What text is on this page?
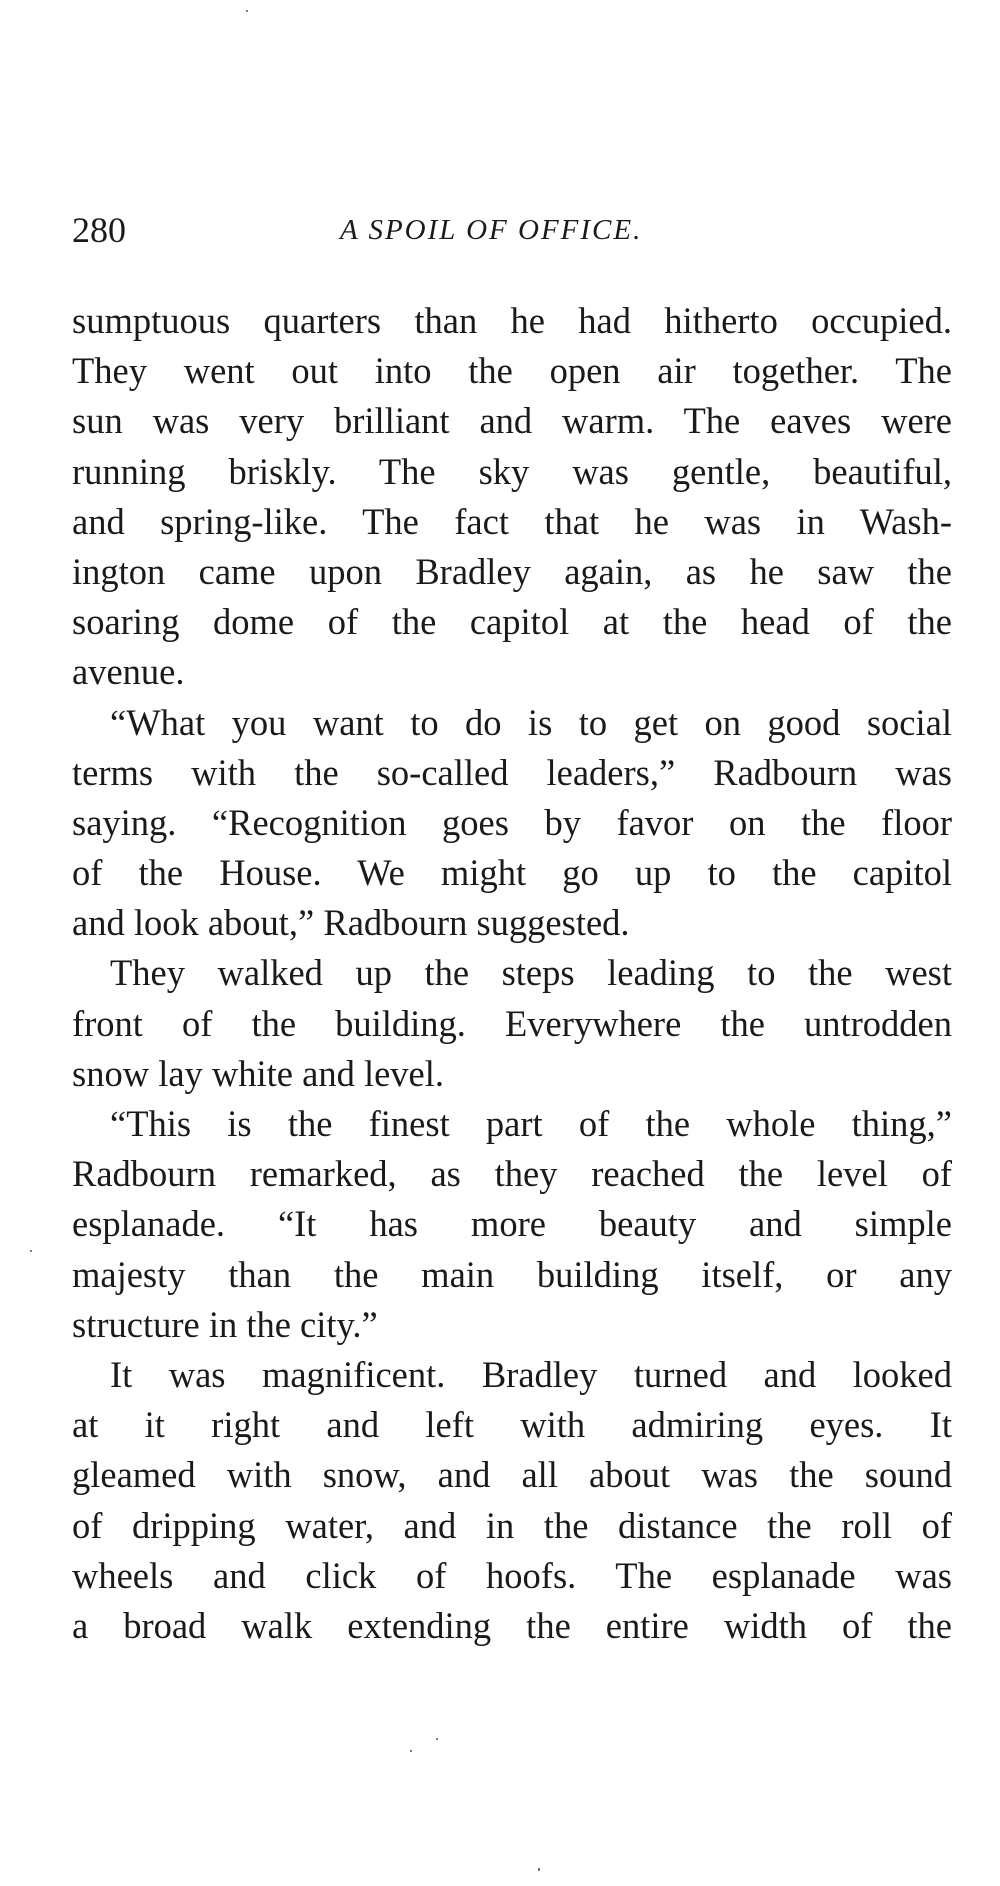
280	A SPOIL OF OFFICE.
sumptuous quarters than he had hitherto occupied.
They went out into the open air together. The
sun was very brilliant and warm. The eaves were
running briskly. The sky was gentle, beautiful,
and spring-like. The fact that he was in Wash-
ington came upon Bradley again, as he saw the
soaring dome of the capitol at the head of the
avenue.
“What you want to do is to get on good social
terms with the so-called leaders,” Radbourn was
saying. “Recognition goes by favor on the floor
of the House. We might go up to the capitol
and look about,” Radbourn suggested.
They walked up the steps leading to the west
front of the building. Everywhere the untrodden
snow lay white and level.
“This is the finest part of the whole thing,”
Radbourn remarked, as they reached the level of
esplanade. “It has more beauty and simple
majesty than the main building itself, or any
structure in the city.”
It was magnificent. Bradley turned and looked
at it right and left with admiring eyes. It
gleamed with snow, and all about was the sound
of dripping water, and in the distance the roll of
wheels and click of hoofs. The esplanade was
a broad walk extending the entire width of the
